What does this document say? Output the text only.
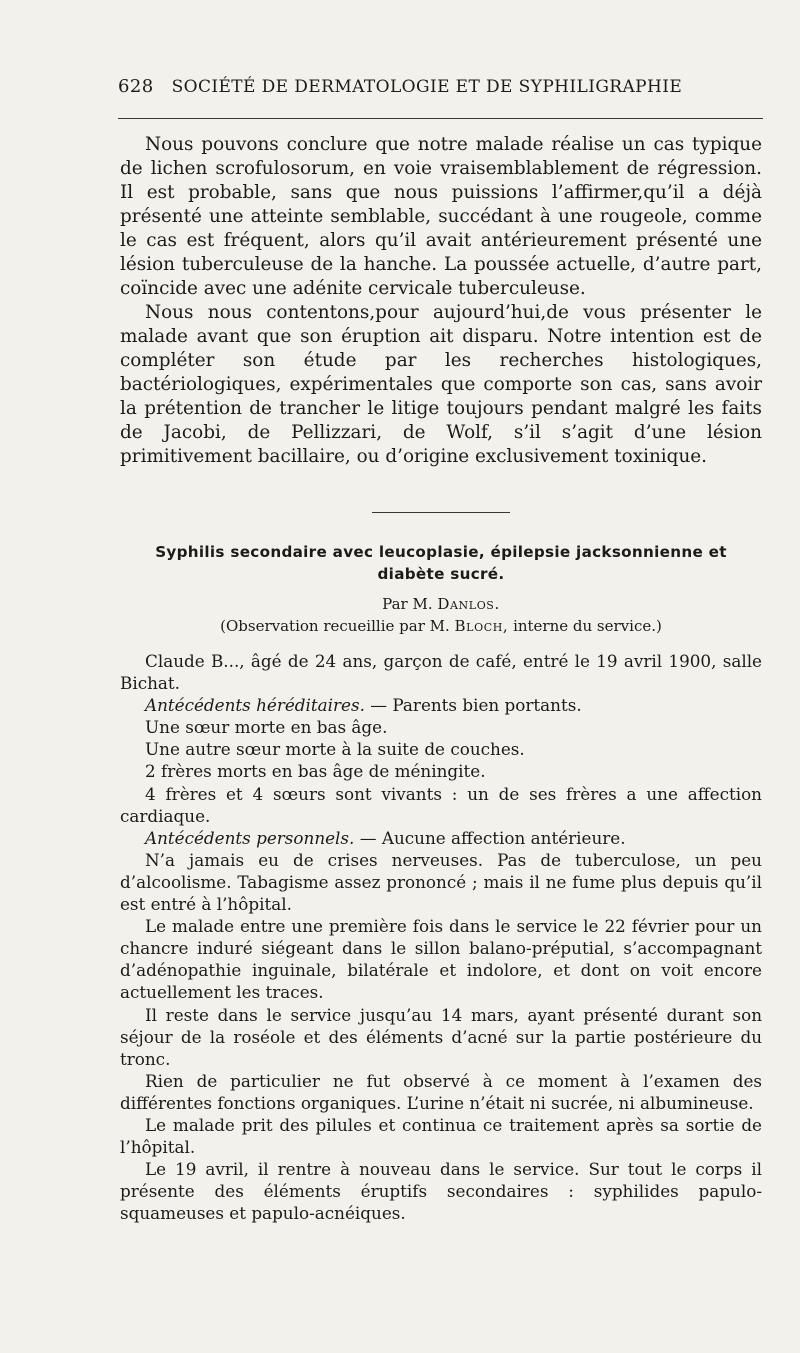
628 SOCIÉTÉ DE DERMATOLOGIE ET DE SYPHILIGRAPHIE

Nous pouvons conclure que notre malade réalise un cas typique de lichen scrofulosorum, en voie vraisemblablement de régression. Il est probable, sans que nous puissions l’affirmer,qu’il a déjà présenté une atteinte semblable, succédant à une rougeole, comme le cas est fréquent, alors qu’il avait antérieurement présenté une lésion tuberculeuse de la hanche. La poussée actuelle, d’autre part, coïncide avec une adénite cervicale tuberculeuse.

Nous nous contentons,pour aujourd’hui,de vous présenter le malade avant que son éruption ait disparu. Notre intention est de compléter son étude par les recherches histologiques, bactériologiques, expérimentales que comporte son cas, sans avoir la prétention de trancher le litige toujours pendant malgré les faits de Jacobi, de Pellizzari, de Wolf, s’il s’agit d’une lésion primitivement bacillaire, ou d’origine exclusivement toxinique.

Syphilis secondaire avec leucoplasie, épilepsie jacksonnienne et diabète sucré.
Par M. Danlos.
(Observation recueillie par M. Bloch, interne du service.)

Claude B..., âgé de 24 ans, garçon de café, entré le 19 avril 1900, salle Bichat.

Antécédents héréditaires. — Parents bien portants.

Une sœur morte en bas âge.

Une autre sœur morte à la suite de couches.

2 frères morts en bas âge de méningite.

4 frères et 4 sœurs sont vivants : un de ses frères a une affection cardiaque.

Antécédents personnels. — Aucune affection antérieure.

N’a jamais eu de crises nerveuses. Pas de tuberculose, un peu d’alcoolisme. Tabagisme assez prononcé ; mais il ne fume plus depuis qu’il est entré à l’hôpital.

Le malade entre une première fois dans le service le 22 février pour un chancre induré siégeant dans le sillon balano-préputial, s’accompagnant d’adénopathie inguinale, bilatérale et indolore, et dont on voit encore actuellement les traces.

Il reste dans le service jusqu’au 14 mars, ayant présenté durant son séjour de la roséole et des éléments d’acné sur la partie postérieure du tronc.

Rien de particulier ne fut observé à ce moment à l’examen des différentes fonctions organiques. L’urine n’était ni sucrée, ni albumineuse.

Le malade prit des pilules et continua ce traitement après sa sortie de l’hôpital.

Le 19 avril, il rentre à nouveau dans le service. Sur tout le corps il présente des éléments éruptifs secondaires : syphilides papulo-squameuses et papulo-acnéiques.
